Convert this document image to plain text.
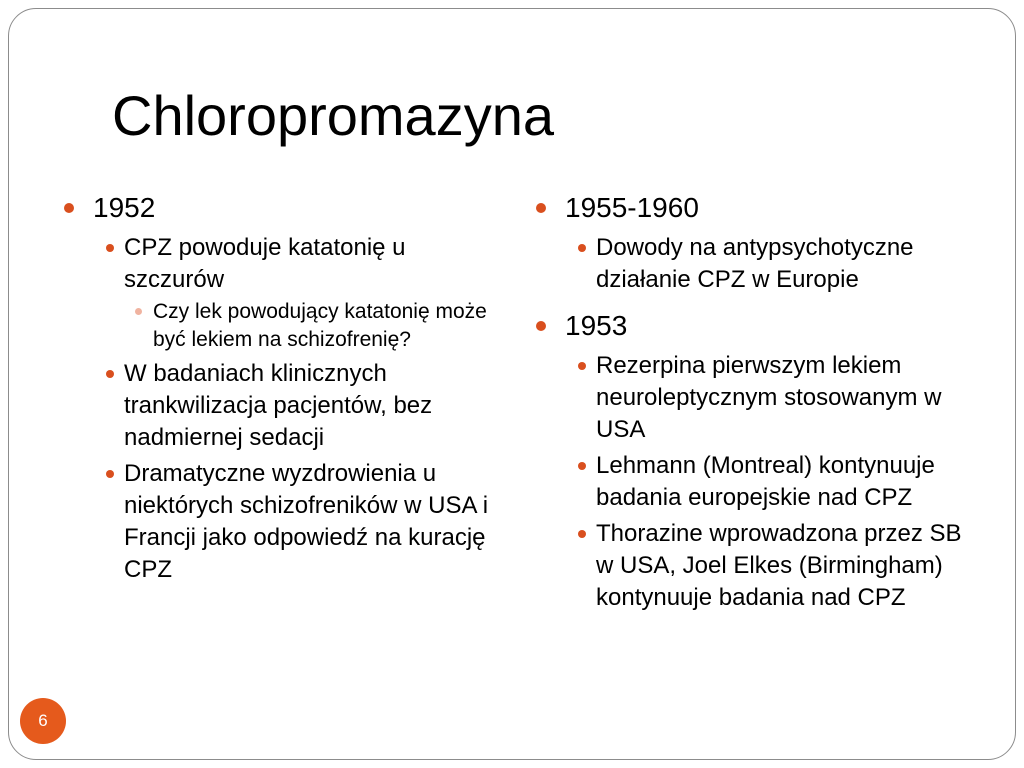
Chloropromazyna
1952
CPZ powoduje katatonię u szczurów
Czy lek powodujący katatonię może być lekiem na schizofrenię?
W badaniach klinicznych trankwilizacja pacjentów, bez nadmiernej sedacji
Dramatyczne wyzdrowienia u niektórych schizofreników w USA i Francji jako odpowiedź na kurację CPZ
1955-1960
Dowody na antypsychotyczne działanie CPZ w Europie
1953
Rezerpina pierwszym lekiem neuroleptycznym stosowanym w USA
Lehmann (Montreal) kontynuuje badania europejskie nad CPZ
Thorazine wprowadzona przez SB w USA, Joel Elkes (Birmingham) kontynuuje badania nad CPZ
6
